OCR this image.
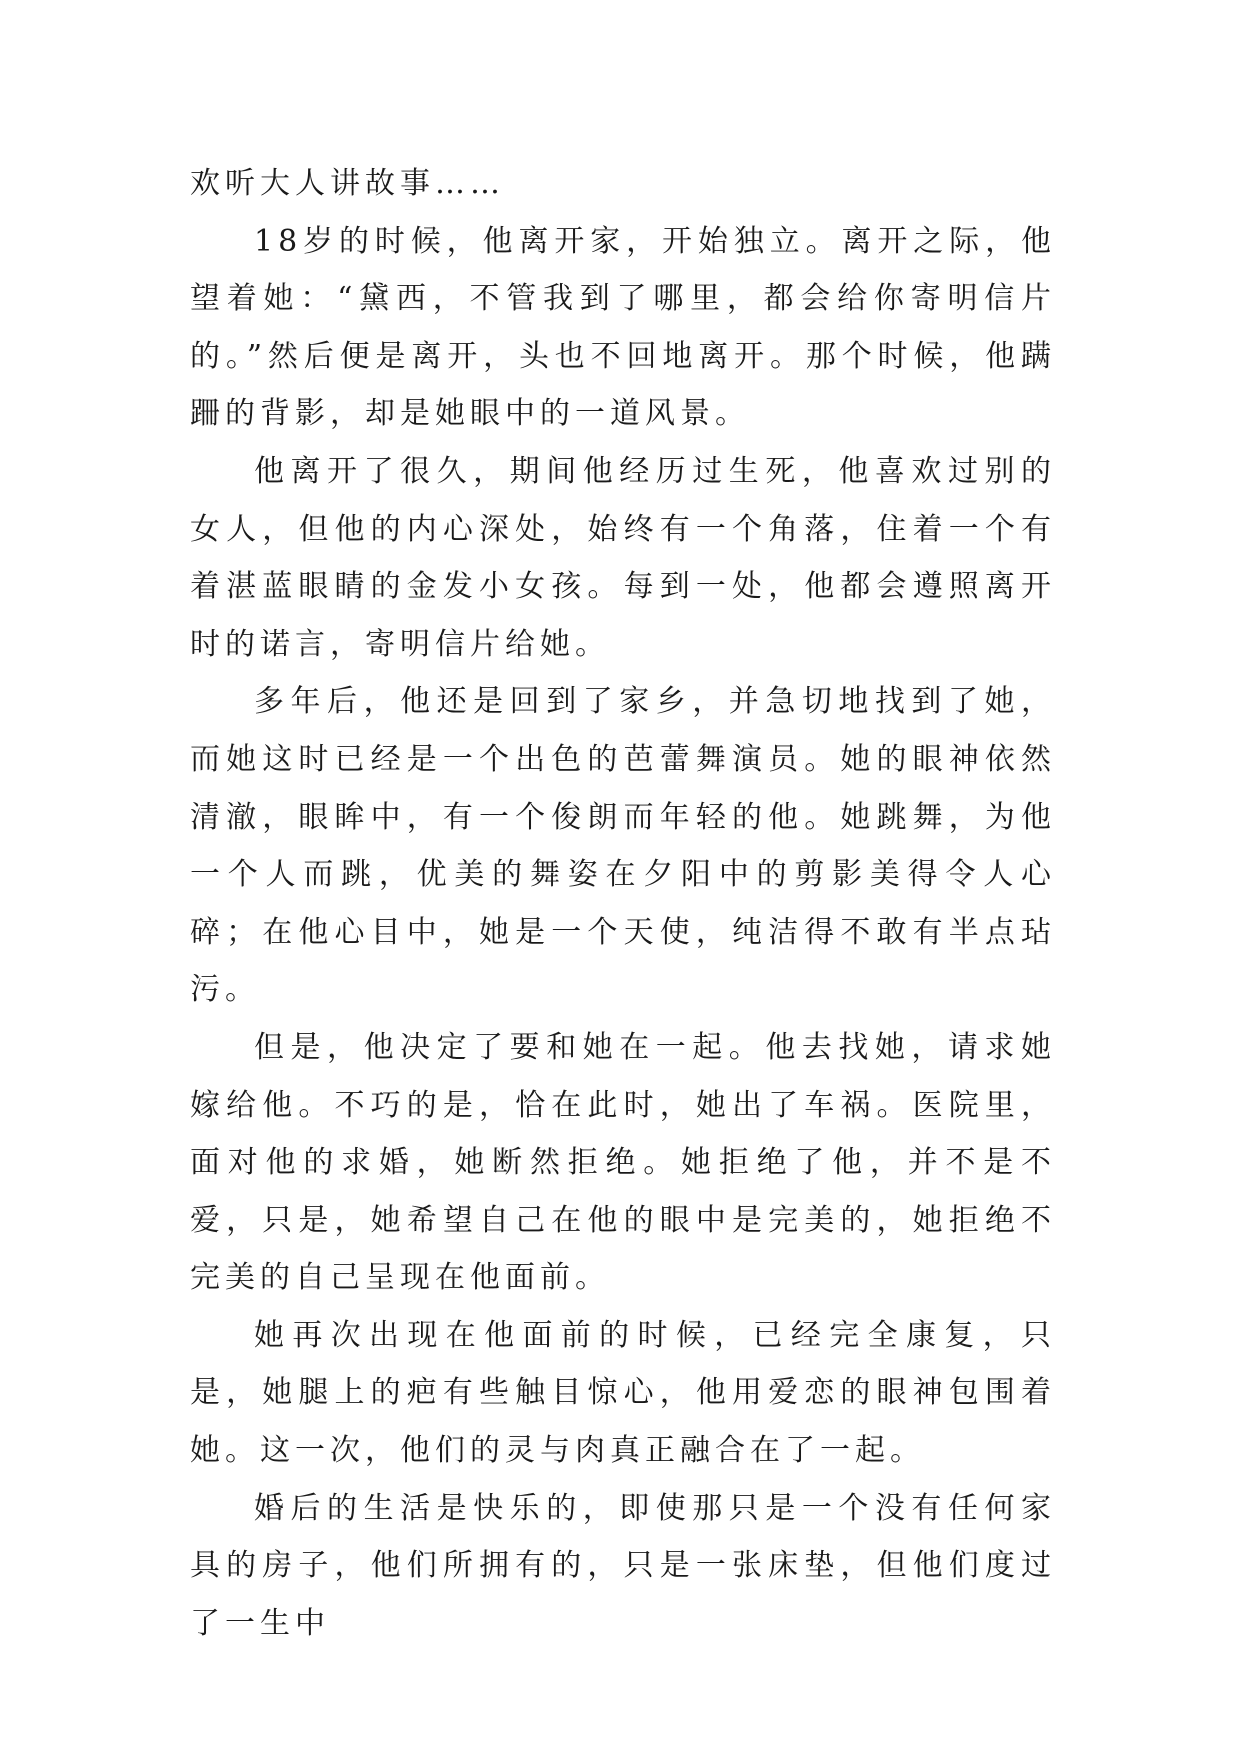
欢听大人讲故事……

18岁的时候，他离开家，开始独立。离开之际，他望着她：“黛西，不管我到了哪里，都会给你寄明信片的。”然后便是离开，头也不回地离开。那个时候，他蹒跚的背影，却是她眼中的一道风景。

他离开了很久，期间他经历过生死，他喜欢过别的女人，但他的内心深处，始终有一个角落，住着一个有着湛蓝眼睛的金发小女孩。每到一处，他都会遵照离开时的诺言，寄明信片给她。

多年后，他还是回到了家乡，并急切地找到了她，而她这时已经是一个出色的芭蕾舞演员。她的眼神依然清澈，眼眸中，有一个俊朗而年轻的他。她跳舞，为他一个人而跳，优美的舞姿在夕阳中的剪影美得令人心碎；在他心目中，她是一个天使，纯洁得不敢有半点玷污。

但是，他决定了要和她在一起。他去找她，请求她嫁给他。不巧的是，恰在此时，她出了车祸。医院里，面对他的求婚，她断然拒绝。她拒绝了他，并不是不爱，只是，她希望自己在他的眼中是完美的，她拒绝不完美的自己呈现在他面前。

她再次出现在他面前的时候，已经完全康复，只是，她腿上的疤有些触目惊心，他用爱恋的眼神包围着她。这一次，他们的灵与肉真正融合在了一起。

婚后的生活是快乐的，即使那只是一个没有任何家具的房子，他们所拥有的，只是一张床垫，但他们度过了一生中
